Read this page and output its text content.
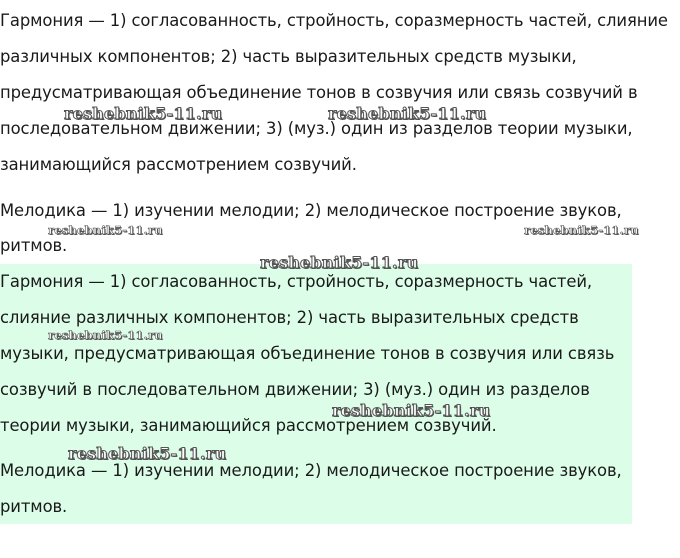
Гармония — 1) согласованность, стройность, соразмерность частей, слияние
различных компонентов; 2) часть выразительных средств музыки,
предусматривающая объединение тонов в созвучия или связь созвучий в
последовательном движении; 3) (муз.) один из разделов теории музыки,
занимающийся рассмотрением созвучий.
Мелодика — 1) изучении мелодии; 2) мелодическое построение звуков,
ритмов.
Гармония — 1) согласованность, стройность, соразмерность частей,
слияние различных компонентов; 2) часть выразительных средств
музыки, предусматривающая объединение тонов в созвучия или связь
созвучий в последовательном движении; 3) (муз.) один из разделов
теории музыки, занимающийся рассмотрением созвучий.
Мелодика — 1) изучении мелодии; 2) мелодическое построение звуков,
ритмов.
reshebnik5-11.ru	reshebnik5-11.ru
reshebnik5-11.ru	reshebnik5-11.ru
reshebnik5-11.ru
reshebnik5-11.ru
reshebnik5-11.ru
reshebnik5-11.ru
